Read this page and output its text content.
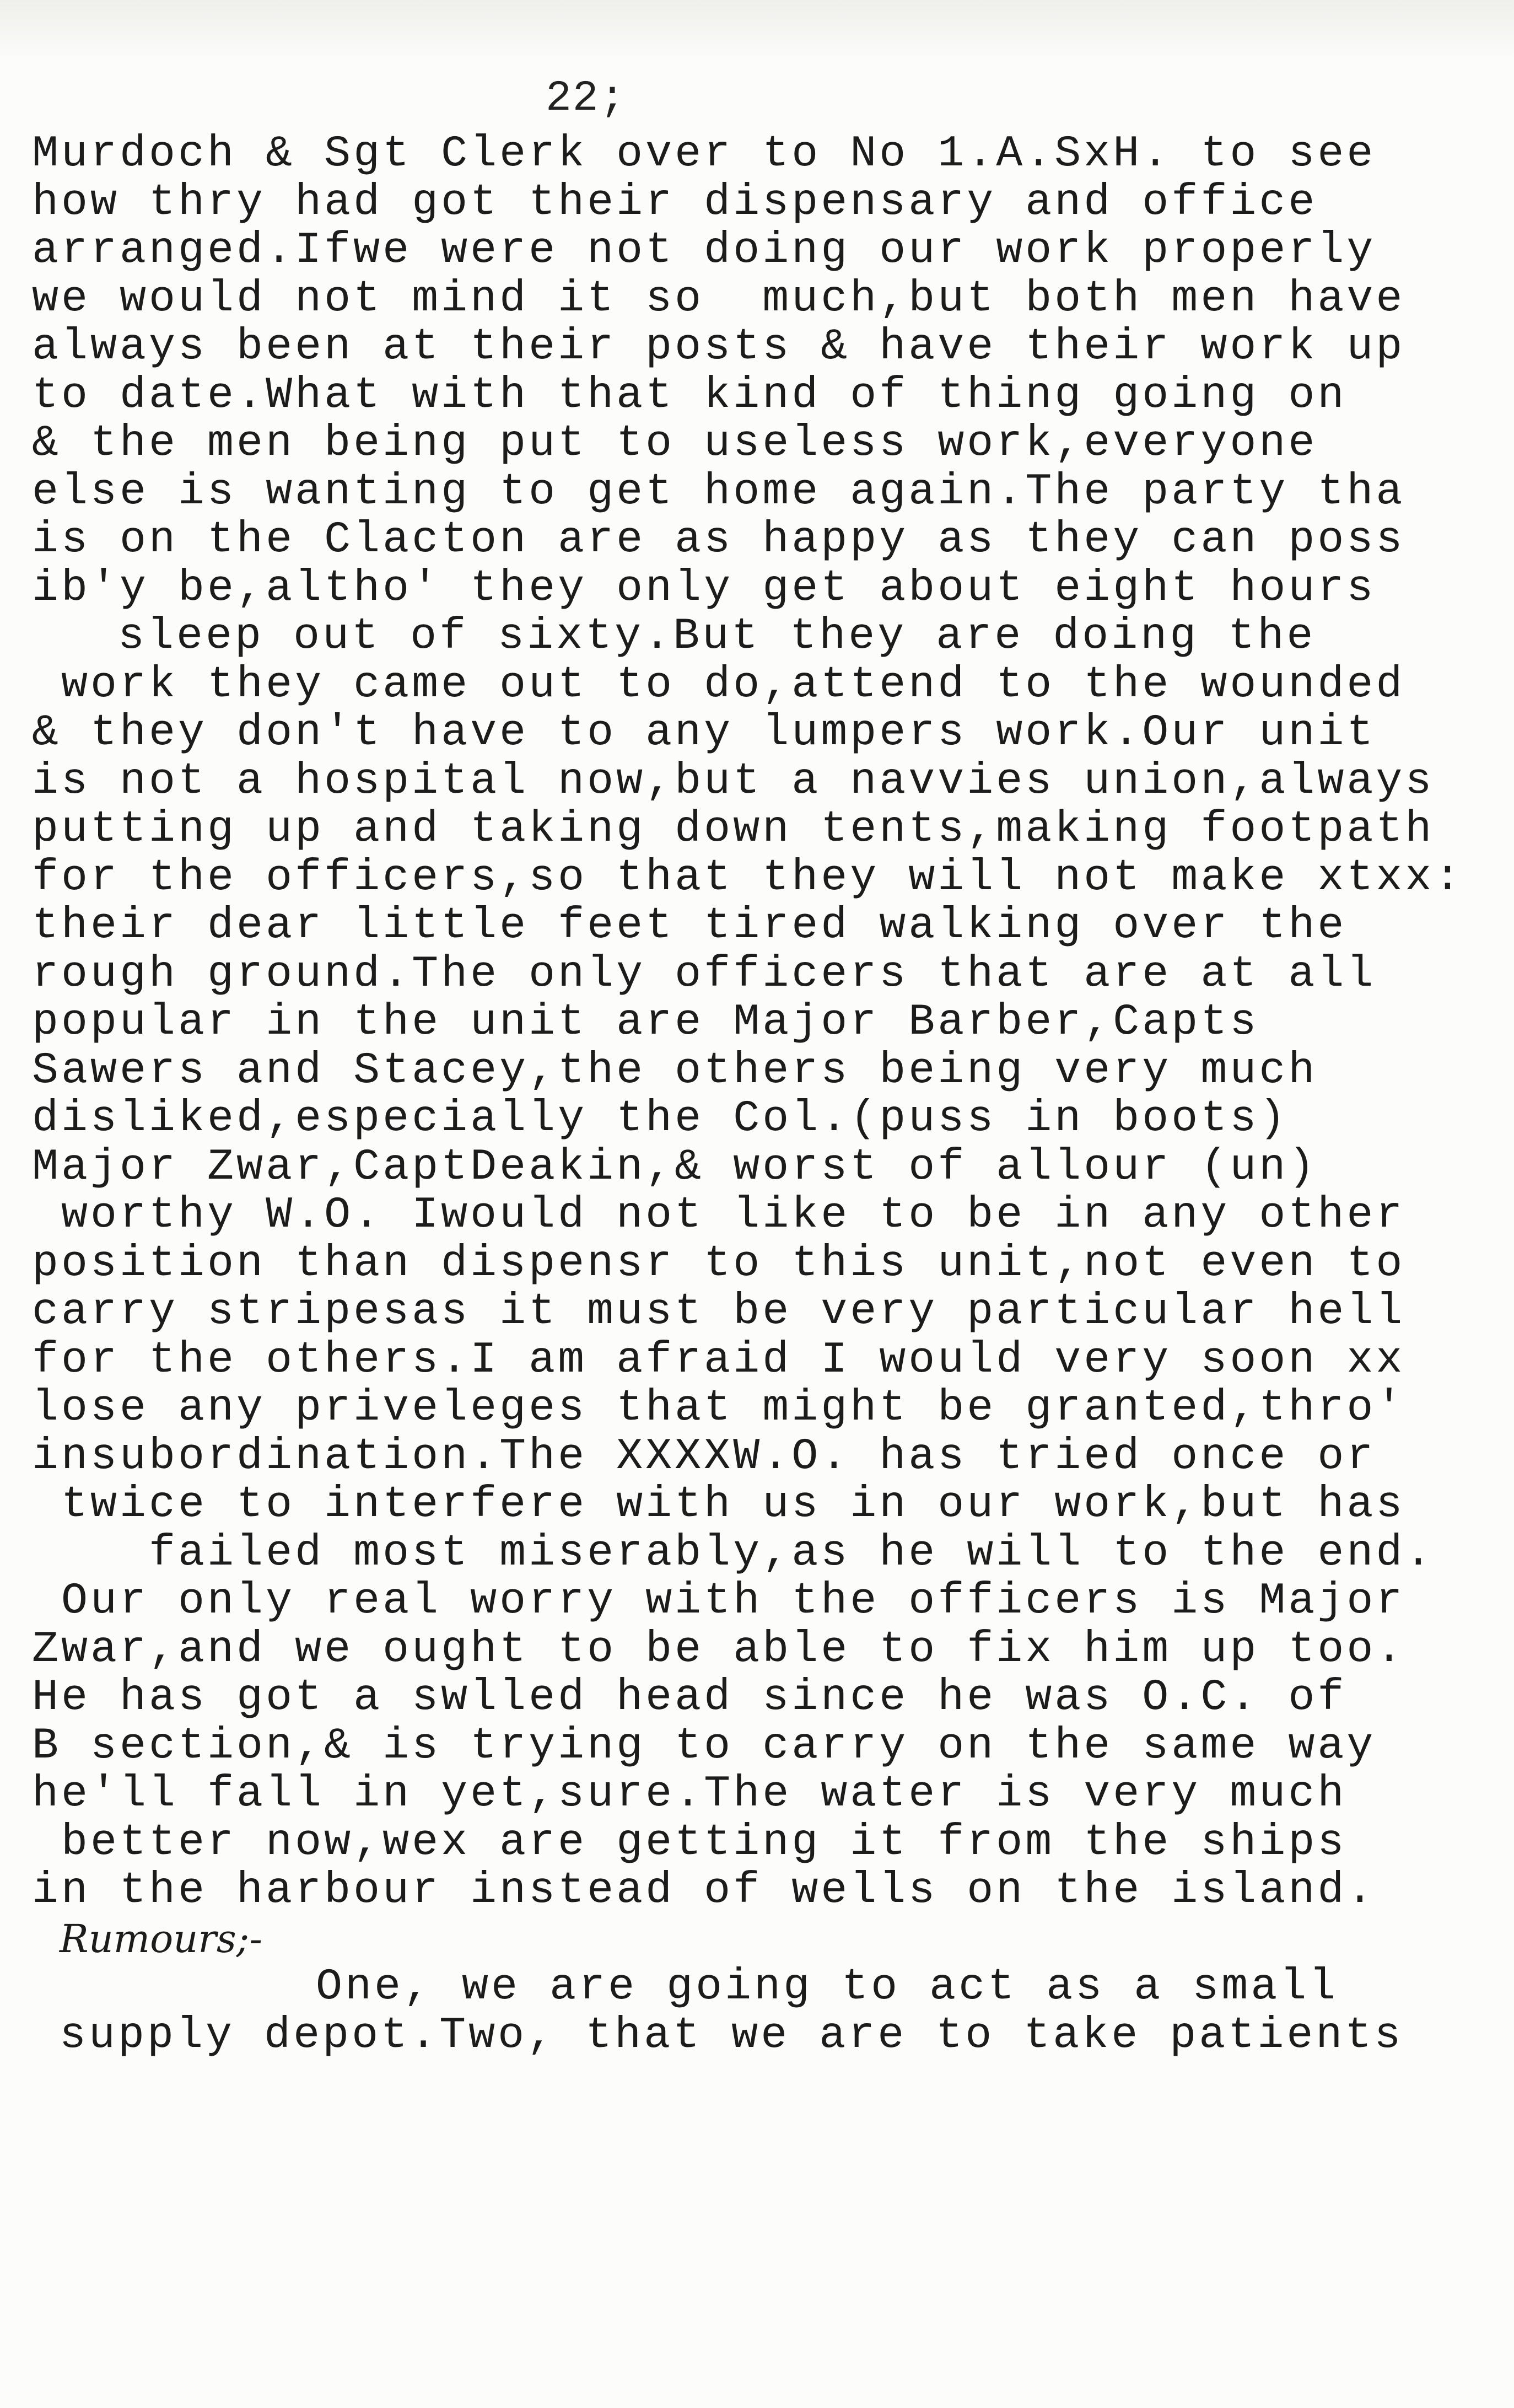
22;
Murdoch & Sgt Clerk over to No 1.A.SxH. to see
how thry had got their dispensary and office
arranged.Ifwe were not doing our work properly
we would not mind it so  much,but both men have
always been at their posts & have their work up
to date.What with that kind of thing going on
& the men being put to useless work,everyone
else is wanting to get home again.The party tha
is on the Clacton are as happy as they can poss
ib'y be,altho' they only get about eight hours
sleep out of sixty.But they are doing the
work they came out to do,attend to the wounded
& they don't have to any lumpers work.Our unit
is not a hospital now,but a navvies union,always
putting up and taking down tents,making footpath
for the officers,so that they will not make xtxx:
their dear little feet tired walking over the
rough ground.The only officers that are at all
popular in the unit are Major Barber,Capts
Sawers and Stacey,the others being very much
disliked,especially the Col.(puss in boots)
Major Zwar,CaptDeakin,& worst of allour (un)
worthy W.O. Iwould not like to be in any other
position than dispensr to this unit,not even to
carry stripesas it must be very particular hell
for the others.I am afraid I would very soon xx
lose any priveleges that might be granted,thro'
insubordination.The XXXXW.O. has tried once or
twice to interfere with us in our work,but has
failed most miserably,as he will to the end.
Our only real worry with the officers is Major
Zwar,and we ought to be able to fix him up too.
He has got a swlled head since he was O.C. of
B section,& is trying to carry on the same way
he'll fall in yet,sure.The water is very much
better now,wex are getting it from the ships
in the harbour instead of wells on the island.
Rumours;-
One, we are going to act as a small
supply depot.Two, that we are to take patients
